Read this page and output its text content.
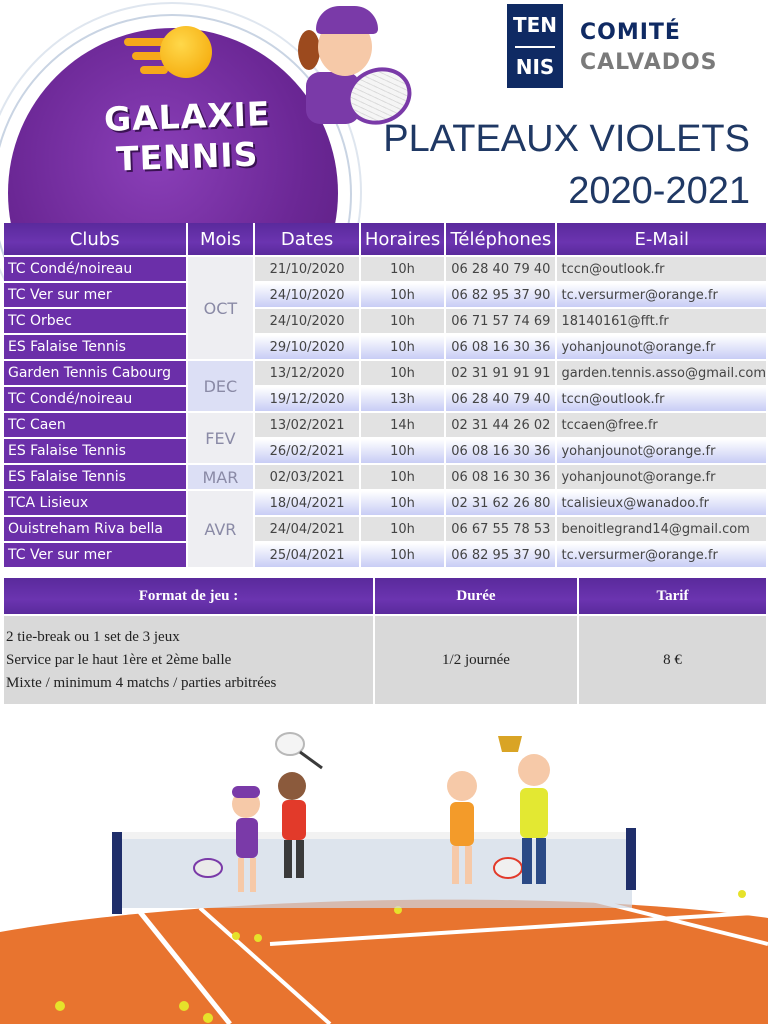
GALAXIE
TENNIS
TEN
NIS
COMITÉ
CALVADOS
PLATEAUX VIOLETS
2020-2021
Clubs	Mois	Dates	Horaires	Téléphones	E-Mail
TC Condé/noireau	OCT	21/10/2020	10h	06 28 40 79 40	tccn@outlook.fr
TC Ver sur mer		24/10/2020	10h	06 82 95 37 90	tc.versurmer@orange.fr
TC Orbec		24/10/2020	10h	06 71 57 74 69	18140161@fft.fr
ES Falaise Tennis		29/10/2020	10h	06 08 16 30 36	yohanjounot@orange.fr
Garden Tennis Cabourg	DEC	13/12/2020	10h	02 31 91 91 91	garden.tennis.asso@gmail.com
TC Condé/noireau		19/12/2020	13h	06 28 40 79 40	tccn@outlook.fr
TC Caen	FEV	13/02/2021	14h	02 31 44 26 02	tccaen@free.fr
ES Falaise Tennis		26/02/2021	10h	06 08 16 30 36	yohanjounot@orange.fr
ES Falaise Tennis	MAR	02/03/2021	10h	06 08 16 30 36	yohanjounot@orange.fr
TCA Lisieux	AVR	18/04/2021	10h	02 31 62 26 80	tcalisieux@wanadoo.fr
Ouistreham Riva bella		24/04/2021	10h	06 67 55 78 53	benoitlegrand14@gmail.com
TC Ver sur mer		25/04/2021	10h	06 82 95 37 90	tc.versurmer@orange.fr
Format de jeu :	Durée	Tarif

2 tie-break ou 1 set de 3 jeux
Service par le haut 1ère et 2ème balle
Mixte / minimum 4 matchs / parties arbitrées	1/2 journée	8 €
